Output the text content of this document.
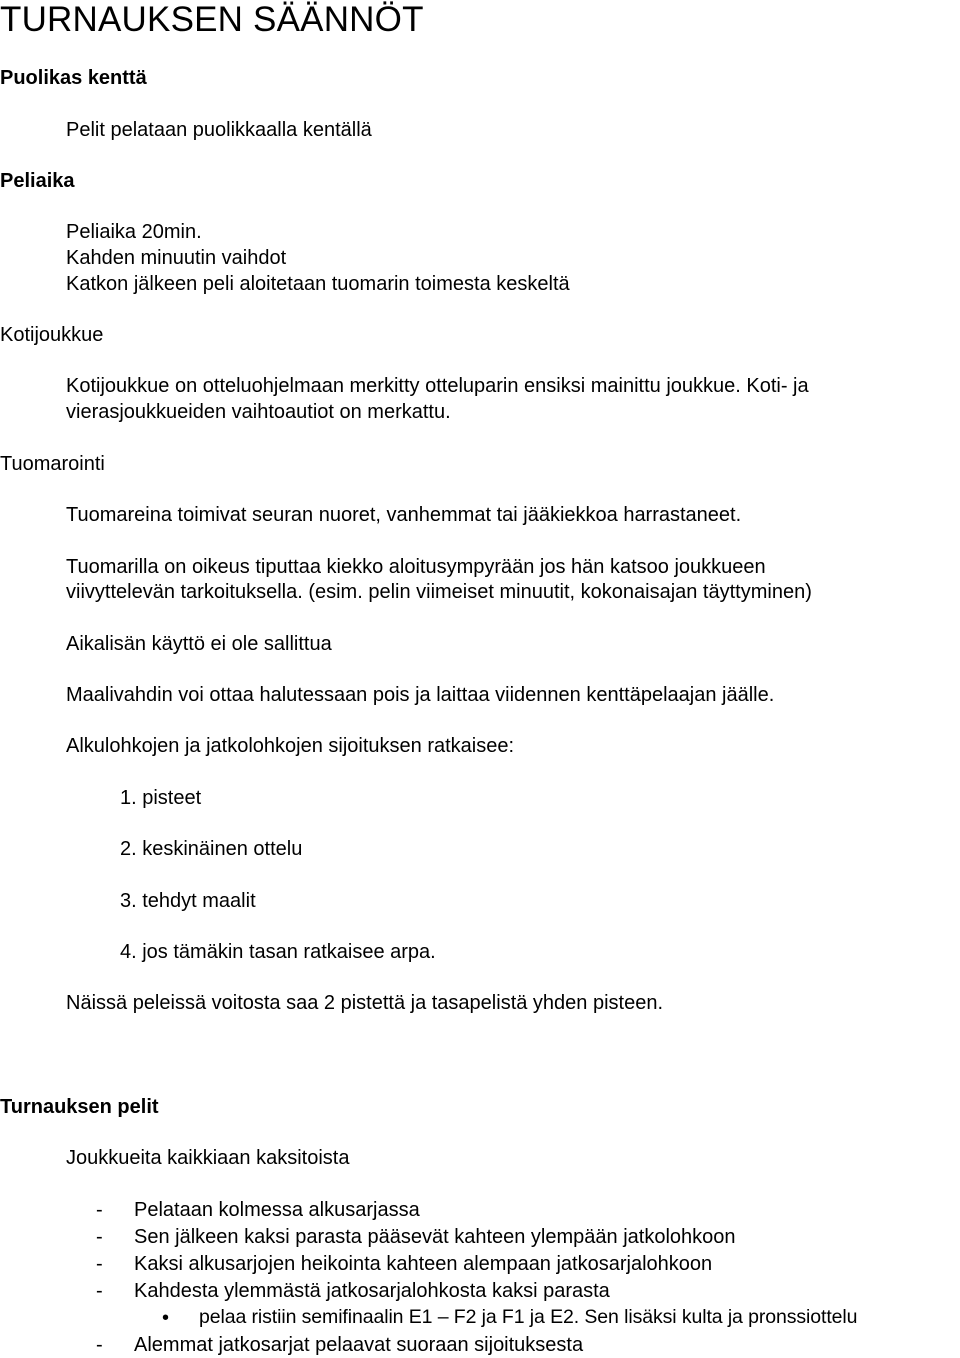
TURNAUKSEN SÄÄNNÖT
Puolikas kenttä
Pelit pelataan puolikkaalla kentällä
Peliaika
Peliaika 20min.
Kahden minuutin vaihdot
Katkon jälkeen peli aloitetaan tuomarin toimesta keskeltä
Kotijoukkue
Kotijoukkue on otteluohjelmaan merkitty otteluparin ensiksi mainittu joukkue. Koti- ja
vierasjoukkueiden vaihtoautiot on merkattu.
Tuomarointi
Tuomareina toimivat seuran nuoret, vanhemmat tai jääkiekkoa harrastaneet.
Tuomarilla on oikeus tiputtaa kiekko aloitusympyrään jos hän katsoo joukkueen
viivyttelevän tarkoituksella. (esim. pelin viimeiset minuutit, kokonaisajan täyttyminen)
Aikalisän käyttö ei ole sallittua
Maalivahdin voi ottaa halutessaan pois ja laittaa viidennen kenttäpelaajan jäälle.
Alkulohkojen ja jatkolohkojen sijoituksen ratkaisee:
1. pisteet
2. keskinäinen ottelu
3. tehdyt maalit
4. jos tämäkin tasan ratkaisee arpa.
Näissä peleissä voitosta saa 2 pistettä ja tasapelistä yhden pisteen.
Turnauksen pelit
Joukkueita kaikkiaan kaksitoista
- Pelataan kolmessa alkusarjassa
- Sen jälkeen kaksi parasta pääsevät kahteen ylempään jatkolohkoon
- Kaksi alkusarjojen heikointa kahteen alempaan jatkosarjalohkoon
- Kahdesta ylemmästä jatkosarjalohkosta kaksi parasta
• pelaa ristiin semifinaalin E1 – F2 ja F1 ja E2. Sen lisäksi kulta ja pronssiottelu
- Alemmat jatkosarjat pelaavat suoraan sijoituksesta
